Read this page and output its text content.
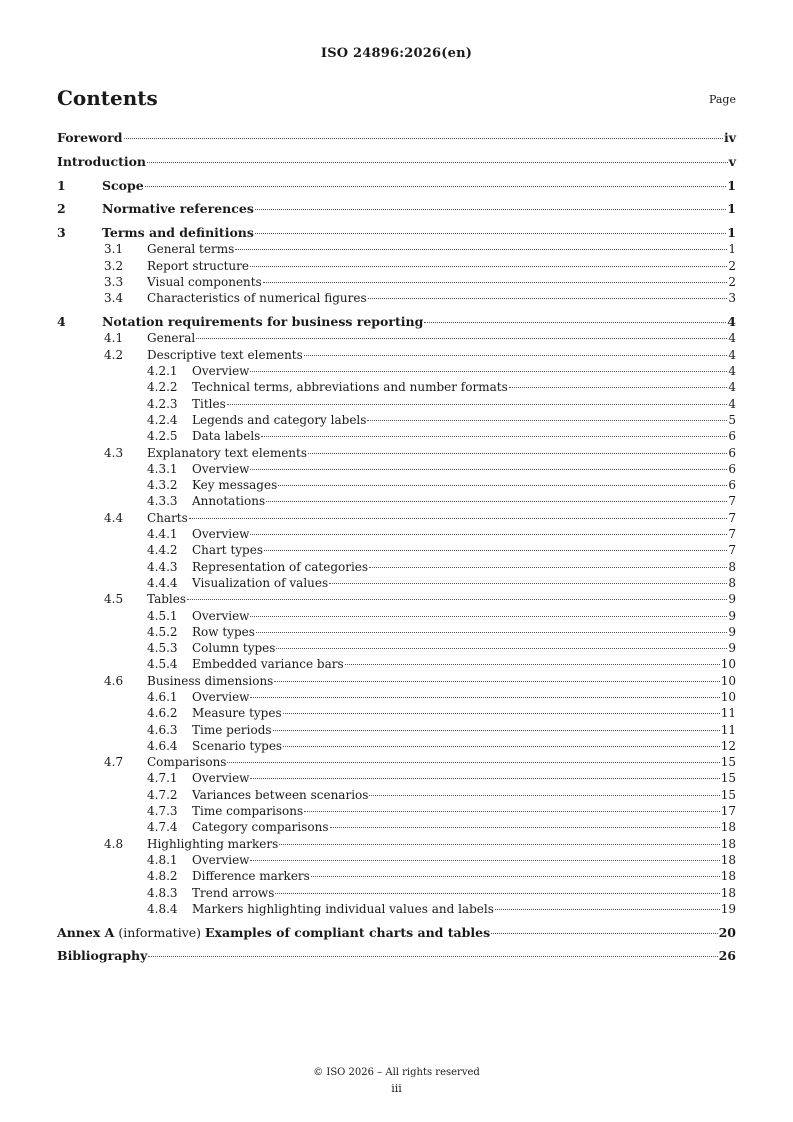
ISO 24896:2026(en)
Contents	Page
Foreword	iv
Introduction	v
1	Scope	1
2	Normative references	1
3	Terms and definitions	1
3.1	General terms	1
3.2	Report structure	2
3.3	Visual components	2
3.4	Characteristics of numerical figures	3
4	Notation requirements for business reporting	4
4.1	General	4
4.2	Descriptive text elements	4
4.2.1	Overview	4
4.2.2	Technical terms, abbreviations and number formats	4
4.2.3	Titles	4
4.2.4	Legends and category labels	5
4.2.5	Data labels	6
4.3	Explanatory text elements	6
4.3.1	Overview	6
4.3.2	Key messages	6
4.3.3	Annotations	7
4.4	Charts	7
4.4.1	Overview	7
4.4.2	Chart types	7
4.4.3	Representation of categories	8
4.4.4	Visualization of values	8
4.5	Tables	9
4.5.1	Overview	9
4.5.2	Row types	9
4.5.3	Column types	9
4.5.4	Embedded variance bars	10
4.6	Business dimensions	10
4.6.1	Overview	10
4.6.2	Measure types	11
4.6.3	Time periods	11
4.6.4	Scenario types	12
4.7	Comparisons	15
4.7.1	Overview	15
4.7.2	Variances between scenarios	15
4.7.3	Time comparisons	17
4.7.4	Category comparisons	18
4.8	Highlighting markers	18
4.8.1	Overview	18
4.8.2	Difference markers	18
4.8.3	Trend arrows	18
4.8.4	Markers highlighting individual values and labels	19
Annex A (informative) Examples of compliant charts and tables	20
Bibliography	26
© ISO 2026 – All rights reserved
iii
